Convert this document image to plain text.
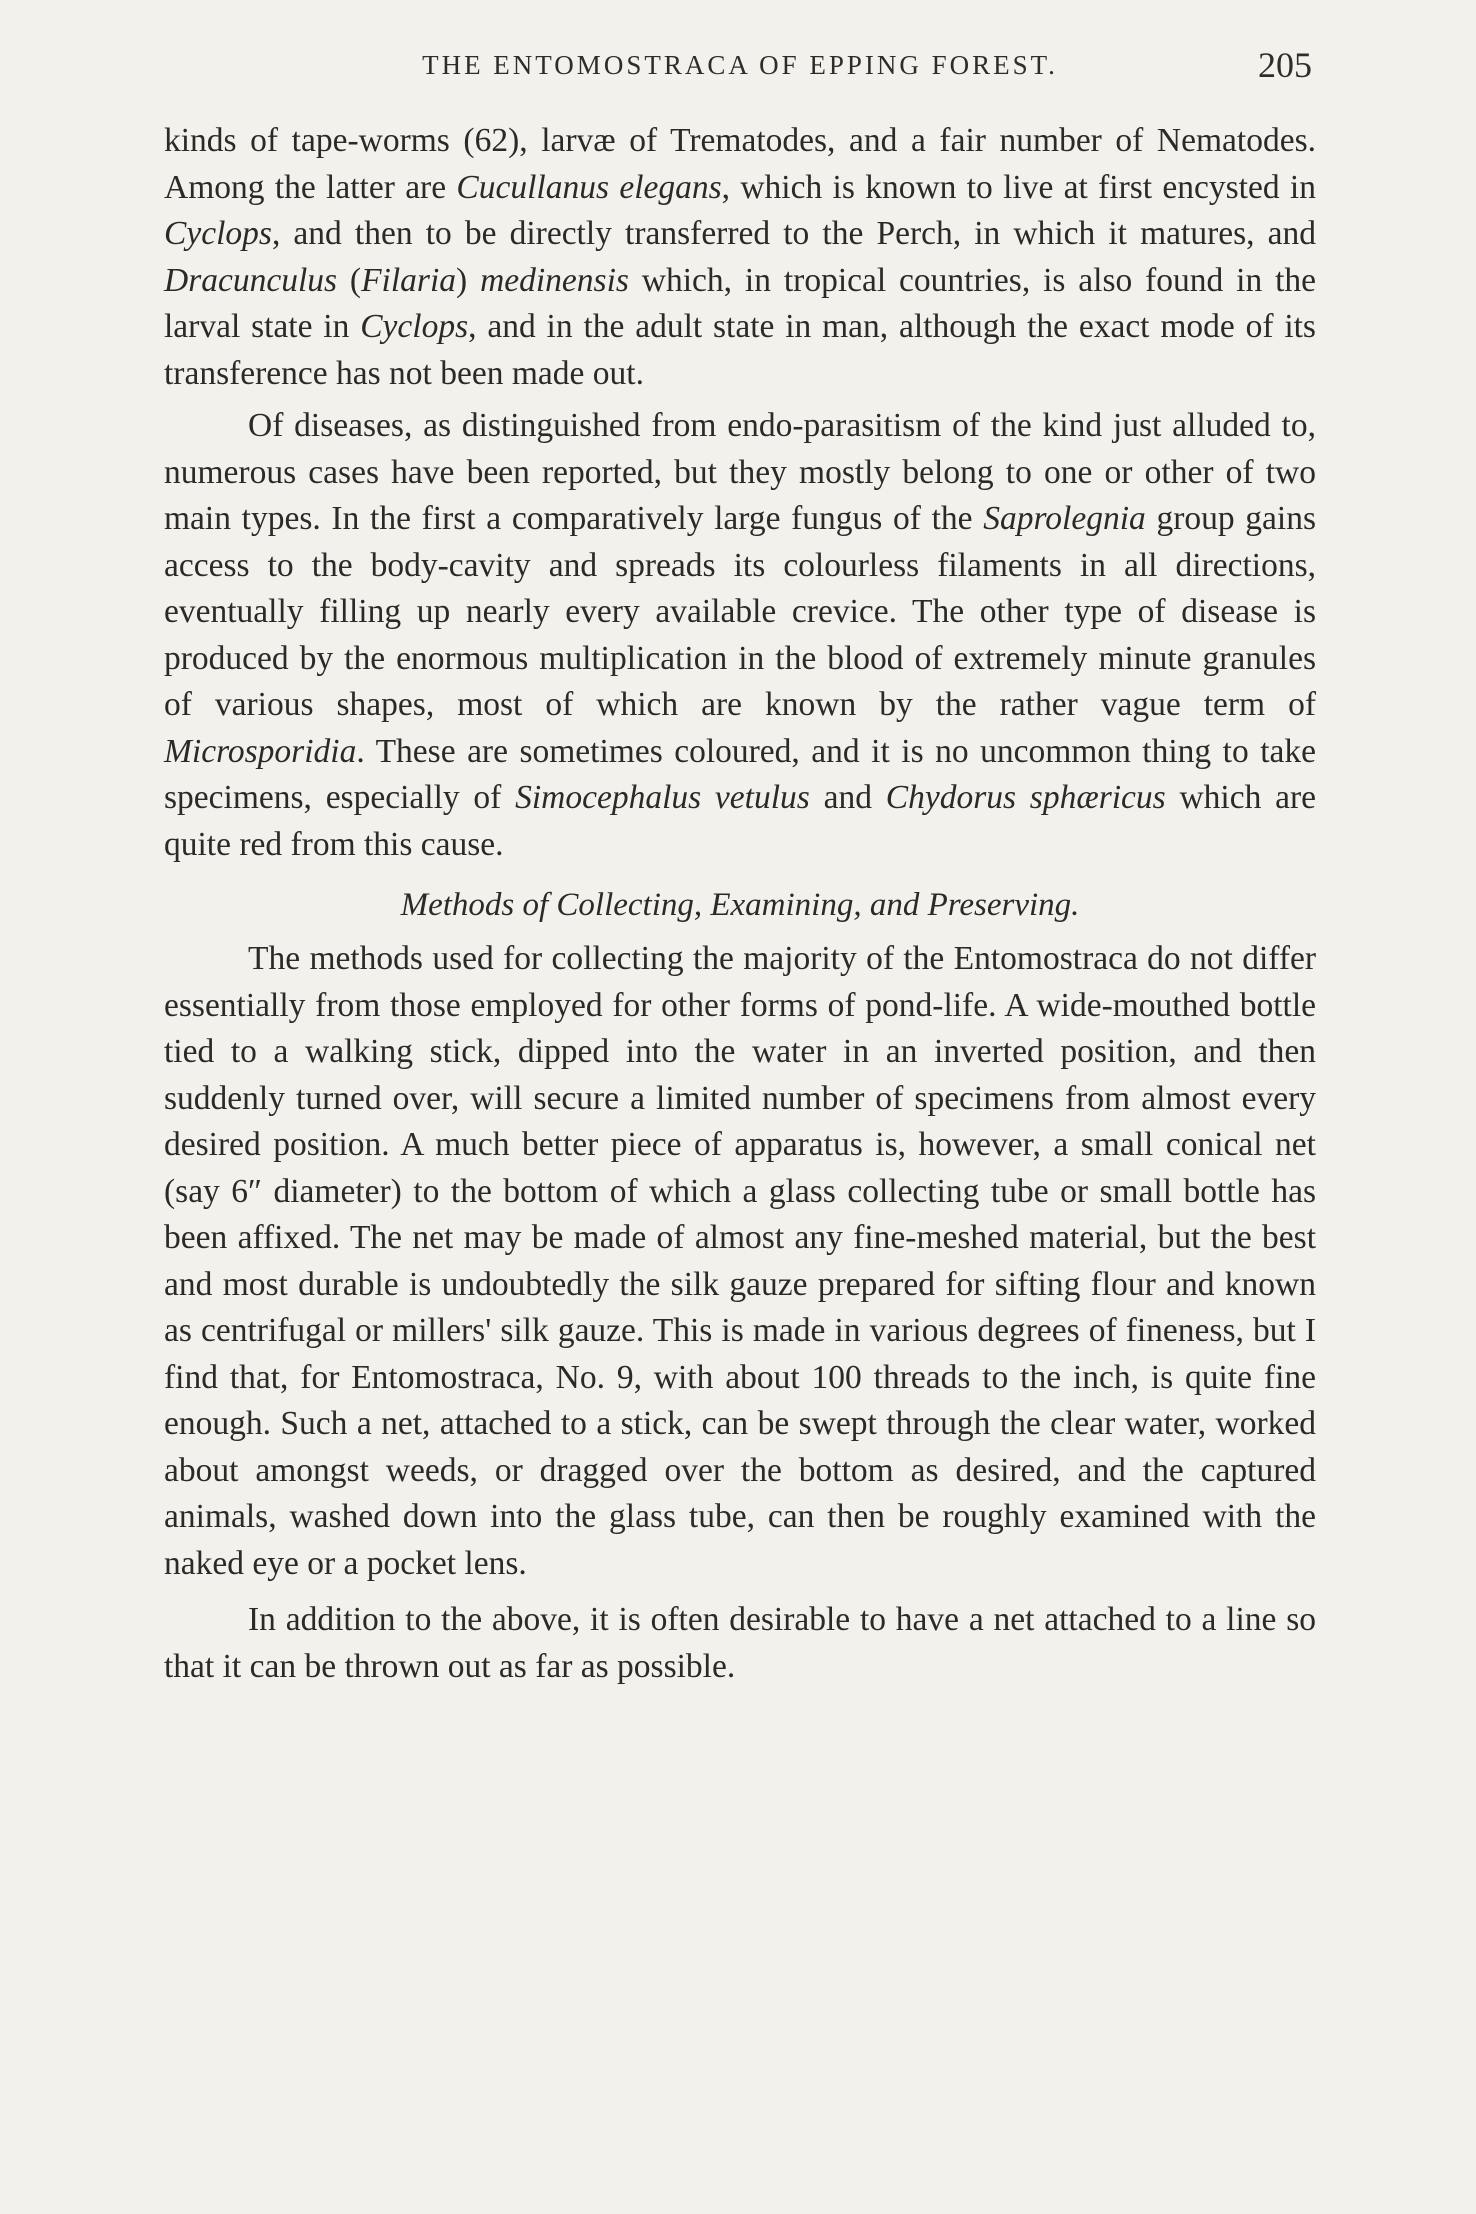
THE ENTOMOSTRACA OF EPPING FOREST.	205

kinds of tape-worms (62), larvæ of Trematodes, and a fair number of Nematodes. Among the latter are Cucullanus elegans, which is known to live at first encysted in Cyclops, and then to be directly transferred to the Perch, in which it matures, and Dracunculus (Filaria) medinensis which, in tropical countries, is also found in the larval state in Cyclops, and in the adult state in man, although the exact mode of its transference has not been made out.

Of diseases, as distinguished from endo-parasitism of the kind just alluded to, numerous cases have been reported, but they mostly belong to one or other of two main types. In the first a comparatively large fungus of the Saprolegnia group gains access to the body-cavity and spreads its colourless filaments in all directions, eventually filling up nearly every available crevice. The other type of disease is produced by the enormous multiplication in the blood of extremely minute granules of various shapes, most of which are known by the rather vague term of Microsporidia. These are sometimes coloured, and it is no uncommon thing to take specimens, especially of Simocephalus vetulus and Chydorus sphæricus which are quite red from this cause.

Methods of Collecting, Examining, and Preserving.

The methods used for collecting the majority of the Entomostraca do not differ essentially from those employed for other forms of pond-life. A wide-mouthed bottle tied to a walking stick, dipped into the water in an inverted position, and then suddenly turned over, will secure a limited number of specimens from almost every desired position. A much better piece of apparatus is, however, a small conical net (say 6″ diameter) to the bottom of which a glass collecting tube or small bottle has been affixed. The net may be made of almost any fine-meshed material, but the best and most durable is undoubtedly the silk gauze prepared for sifting flour and known as centrifugal or millers' silk gauze. This is made in various degrees of fineness, but I find that, for Entomostraca, No. 9, with about 100 threads to the inch, is quite fine enough. Such a net, attached to a stick, can be swept through the clear water, worked about amongst weeds, or dragged over the bottom as desired, and the captured animals, washed down into the glass tube, can then be roughly examined with the naked eye or a pocket lens.

In addition to the above, it is often desirable to have a net attached to a line so that it can be thrown out as far as possible.
